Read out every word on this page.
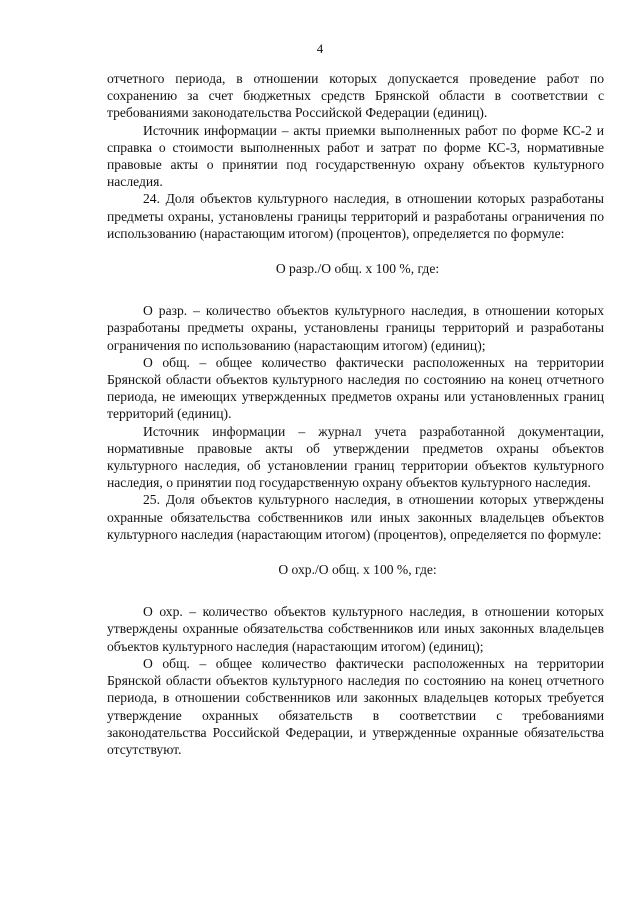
4

отчетного периода, в отношении которых допускается проведение работ по сохранению за счет бюджетных средств Брянской области в соответствии с требованиями законодательства Российской Федерации (единиц).

Источник информации – акты приемки выполненных работ по форме КС-2 и справка о стоимости выполненных работ и затрат по форме КС-3, нормативные правовые акты о принятии под государственную охрану объектов культурного наследия.

24. Доля объектов культурного наследия, в отношении которых разработаны предметы охраны, установлены границы территорий и разработаны ограничения по использованию (нарастающим итогом) (процентов), определяется по формуле:

О разр./О общ. x 100 %, где:

О разр. – количество объектов культурного наследия, в отношении которых разработаны предметы охраны, установлены границы территорий и разработаны ограничения по использованию (нарастающим итогом) (единиц);

О общ. – общее количество фактически расположенных на территории Брянской области объектов культурного наследия по состоянию на конец отчетного периода, не имеющих утвержденных предметов охраны или установленных границ территорий (единиц).

Источник информации – журнал учета разработанной документации, нормативные правовые акты об утверждении предметов охраны объектов культурного наследия, об установлении границ территории объектов культурного наследия, о принятии под государственную охрану объектов культурного наследия.

25. Доля объектов культурного наследия, в отношении которых утверждены охранные обязательства собственников или иных законных владельцев объектов культурного наследия (нарастающим итогом) (процентов), определяется по формуле:

О охр./О общ. x 100 %, где:

О охр. – количество объектов культурного наследия, в отношении которых утверждены охранные обязательства собственников или иных законных владельцев объектов культурного наследия (нарастающим итогом) (единиц);

О общ. – общее количество фактически расположенных на территории Брянской области объектов культурного наследия по состоянию на конец отчетного периода, в отношении собственников или законных владельцев которых требуется утверждение охранных обязательств в соответствии с требованиями законодательства Российской Федерации, и утвержденные охранные обязательства отсутствуют.
